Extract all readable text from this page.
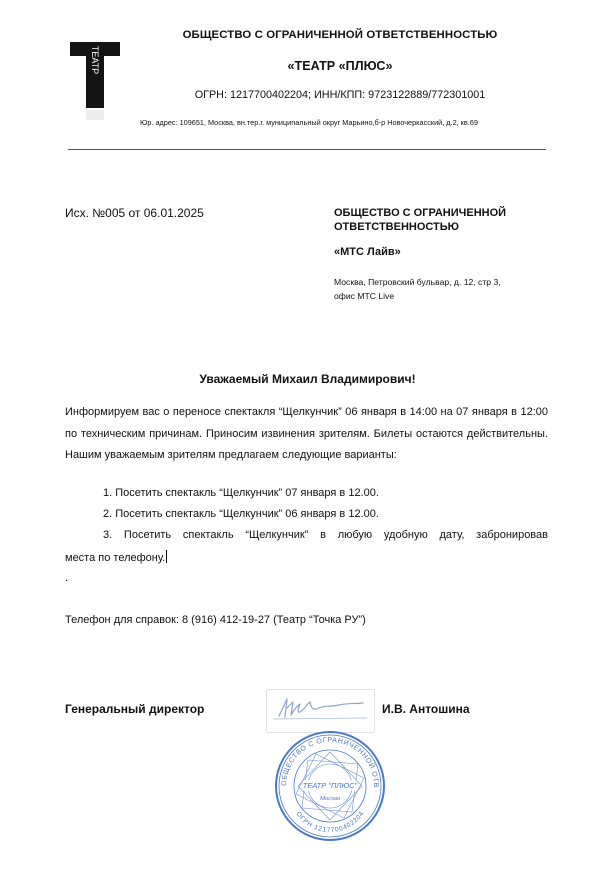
ТЕАТР
ОБЩЕСТВО С ОГРАНИЧЕННОЙ ОТВЕТСТВЕННОСТЬЮ
«ТЕАТР «ПЛЮС»
ОГРН: 1217700402204; ИНН/КПП: 9723122889/772301001
Юр. адрес: 109651, Москва, вн.тер.г. муниципальный округ Марьино,б-р Новочеркасский, д.2, кв.69
Исх. №005 от 06.01.2025	ОБЩЕСТВО С ОГРАНИЧЕННОЙ ОТВЕТСТВЕННОСТЬЮ
«МТС Лайв»
Москва, Петровский бульвар, д. 12, стр 3,
офис МТС Live
Уважаемый Михаил Владимирович!
Информируем вас о переносе спектакля “Щелкунчик” 06 января в 14:00 на 07 января в 12:00 по техническим причинам. Приносим извинения зрителям. Билеты остаются действительны. Нашим уважаемым зрителям предлагаем следующие варианты:
1. Посетить спектакль “Щелкунчик” 07 января в 12.00.
2. Посетить спектакль “Щелкунчик” 06 января в 12.00.
3. Посетить спектакль “Щелкунчик” в любую удобную дату, забронировав
места по телефону.
.
Телефон для справок: 8 (916) 412-19-27 (Театр “Точка РУ”)
Генеральный директор	И.В. Антошина
ОБЩЕСТВО С ОГРАНИЧЕННОЙ ОТВ
ОГРН 1217700402204
ТЕАТР "ПЛЮС"
Москва
